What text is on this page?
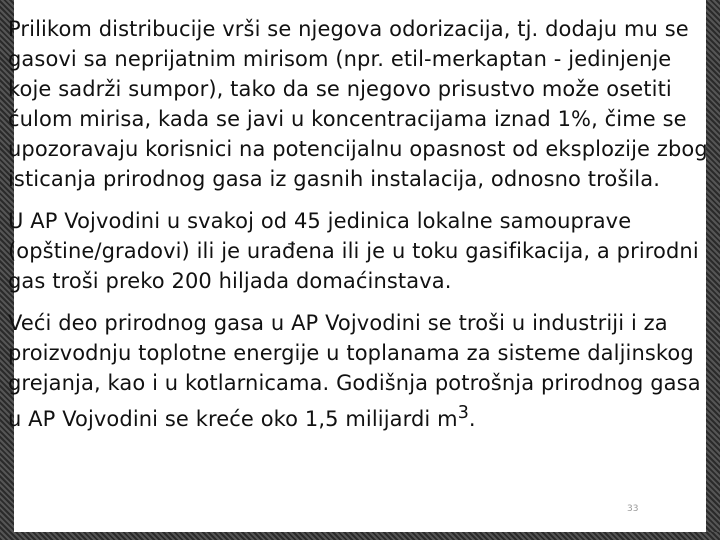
Prilikom distribucije vrši se njegova odorizacija, tj. dodaju mu se gasovi sa neprijatnim mirisom (npr. etil-merkaptan - jedinjenje koje sadrži sumpor), tako da se njegovo prisustvo može osetiti čulom mirisa, kada se javi u koncentracijama iznad 1%, čime se upozoravaju korisnici na potencijalnu opasnost od eksplozije zbog isticanja prirodnog gasa iz gasnih instalacija, odnosno trošila.

U AP Vojvodini u svakoj od 45 jedinica lokalne samouprave (opštine/gradovi) ili je urađena ili je u toku gasifikacija, a prirodni gas troši preko 200 hiljada domaćinstava.

Veći deo prirodnog gasa u AP Vojvodini se troši u industriji i za proizvodnju toplotne energije u toplanama za sisteme daljinskog grejanja, kao i u kotlarnicama. Godišnja potrošnja prirodnog gasa u AP Vojvodini se kreće oko 1,5 milijardi $m^3$.

33
